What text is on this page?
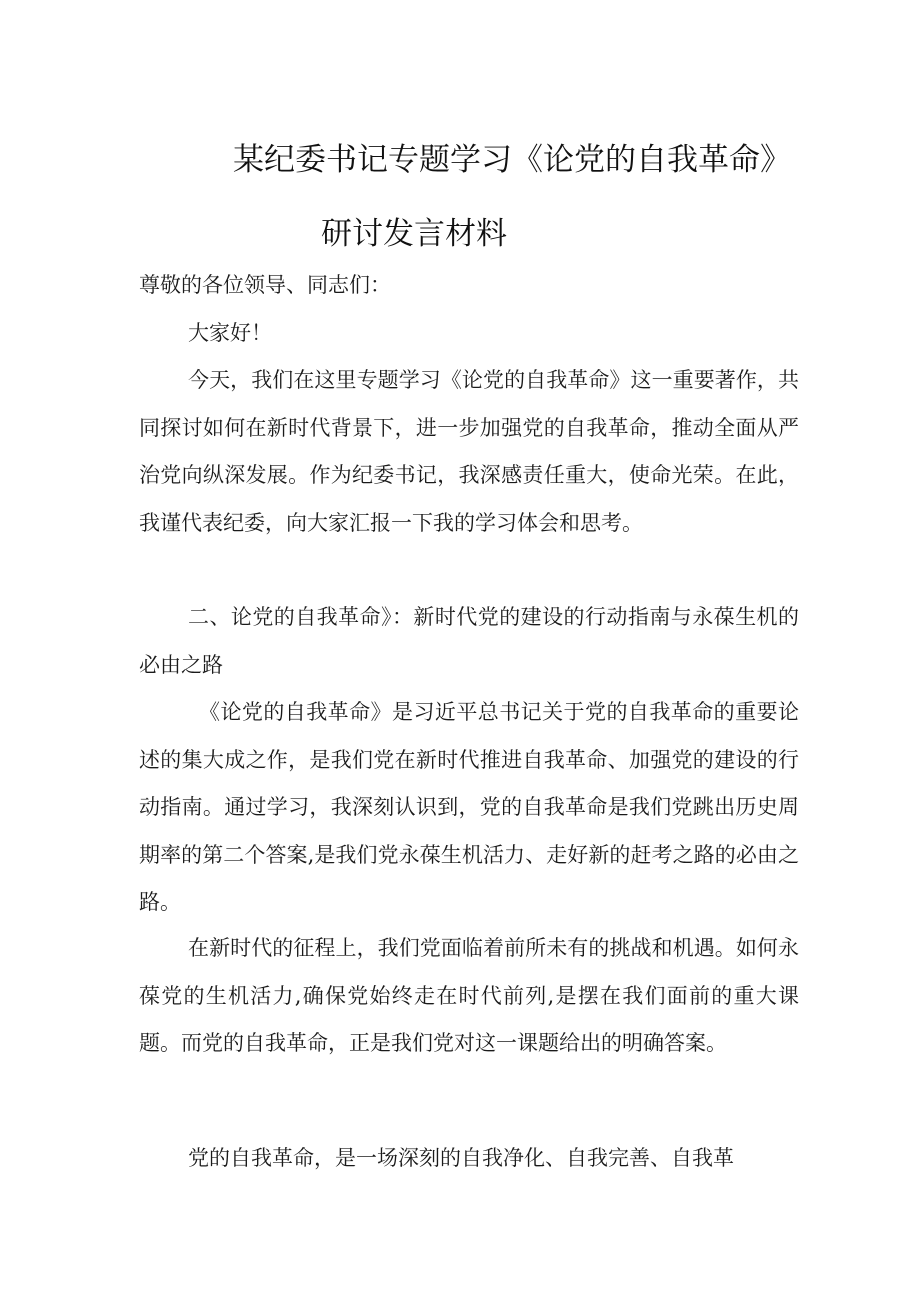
某纪委书记专题学习《论党的自我革命》
研讨发言材料
尊敬的各位领导、同志们：
大家好！
今天，我们在这里专题学习《论党的自我革命》这一重要著作，共同探讨如何在新时代背景下，进一步加强党的自我革命，推动全面从严治党向纵深发展。作为纪委书记，我深感责任重大，使命光荣。在此，我谨代表纪委，向大家汇报一下我的学习体会和思考。
二、论党的自我革命》：新时代党的建设的行动指南与永葆生机的必由之路
《论党的自我革命》是习近平总书记关于党的自我革命的重要论述的集大成之作，是我们党在新时代推进自我革命、加强党的建设的行动指南。通过学习，我深刻认识到，党的自我革命是我们党跳出历史周期率的第二个答案,是我们党永葆生机活力、走好新的赶考之路的必由之路。
在新时代的征程上，我们党面临着前所未有的挑战和机遇。如何永葆党的生机活力,确保党始终走在时代前列,是摆在我们面前的重大课题。而党的自我革命，正是我们党对这一课题给出的明确答案。
党的自我革命，是一场深刻的自我净化、自我完善、自我革
